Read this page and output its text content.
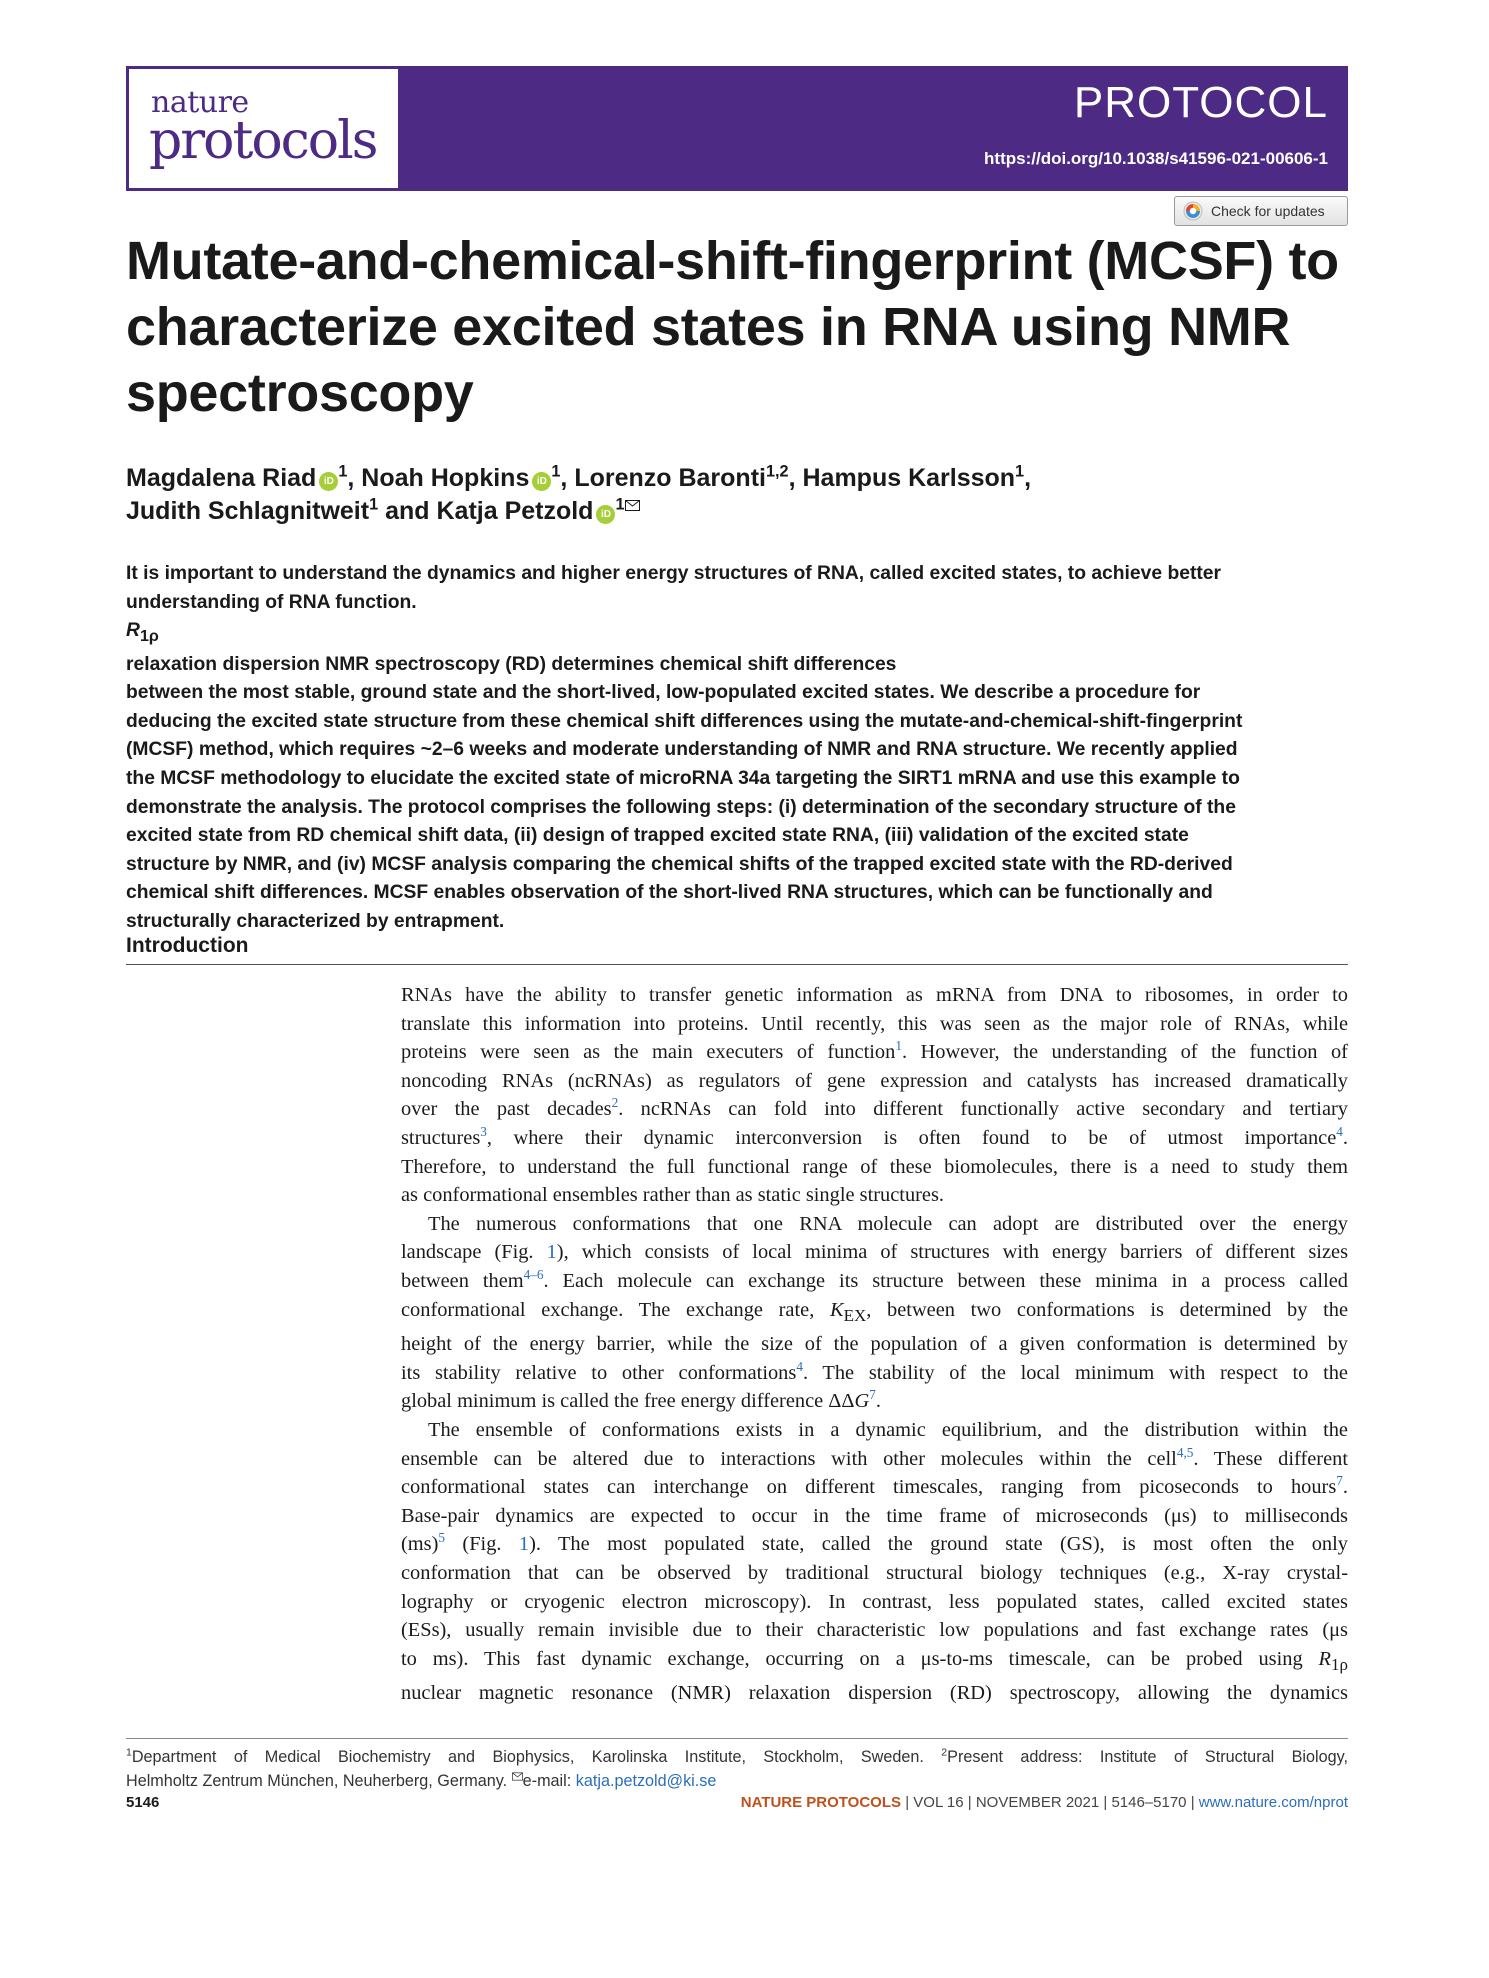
nature
protocols
PROTOCOL
https://doi.org/10.1038/s41596-021-00606-1
Check for updates
Mutate-and-chemical-shift-fingerprint (MCSF) to characterize excited states in RNA using NMR spectroscopy
Magdalena Riad $iD^1$, Noah Hopkins $iD^1$, Lorenzo Baronti$^{1,2}$, Hampus Karlsson$^1$,
Judith Schlagnitweit$^1$ and Katja Petzold $iD^1$
It is important to understand the dynamics and higher energy structures of RNA, called excited states, to achieve better
understanding of RNA function.
$R_{1\rho}$
relaxation dispersion NMR spectroscopy (RD) determines chemical shift differences
between the most stable, ground state and the short-lived, low-populated excited states. We describe a procedure for
deducing the excited state structure from these chemical shift differences using the mutate-and-chemical-shift-fingerprint
(MCSF) method, which requires ~2–6 weeks and moderate understanding of NMR and RNA structure. We recently applied
the MCSF methodology to elucidate the excited state of microRNA 34a targeting the SIRT1 mRNA and use this example to
demonstrate the analysis. The protocol comprises the following steps: (i) determination of the secondary structure of the
excited state from RD chemical shift data, (ii) design of trapped excited state RNA, (iii) validation of the excited state
structure by NMR, and (iv) MCSF analysis comparing the chemical shifts of the trapped excited state with the RD-derived
chemical shift differences. MCSF enables observation of the short-lived RNA structures, which can be functionally and
structurally characterized by entrapment.
Introduction
RNAs have the ability to transfer genetic information as mRNA from DNA to ribosomes, in order to
translate this information into proteins. Until recently, this was seen as the major role of RNAs, while
proteins were seen as the main executers of function$^1$. However, the understanding of the function of
noncoding RNAs (ncRNAs) as regulators of gene expression and catalysts has increased dramatically
over the past decades$^2$. ncRNAs can fold into different functionally active secondary and tertiary
structures$^3$, where their dynamic interconversion is often found to be of utmost importance$^4$.
Therefore, to understand the full functional range of these biomolecules, there is a need to study them
as conformational ensembles rather than as static single structures.
The numerous conformations that one RNA molecule can adopt are distributed over the energy
landscape (Fig. 1), which consists of local minima of structures with energy barriers of different sizes
between them$^{4-6}$. Each molecule can exchange its structure between these minima in a process called
conformational exchange. The exchange rate, $K_{EX}$, between two conformations is determined by the
height of the energy barrier, while the size of the population of a given conformation is determined by
its stability relative to other conformations$^4$. The stability of the local minimum with respect to the
global minimum is called the free energy difference ΔΔG$^7$.
The ensemble of conformations exists in a dynamic equilibrium, and the distribution within the
ensemble can be altered due to interactions with other molecules within the cell$^{4,5}$. These different
conformational states can interchange on different timescales, ranging from picoseconds to hours$^7$.
Base-pair dynamics are expected to occur in the time frame of microseconds (μs) to milliseconds
(ms)$^5$ (Fig. 1). The most populated state, called the ground state (GS), is most often the only
conformation that can be observed by traditional structural biology techniques (e.g., X-ray crystal-
lography or cryogenic electron microscopy). In contrast, less populated states, called excited states
(ESs), usually remain invisible due to their characteristic low populations and fast exchange rates (μs
to ms). This fast dynamic exchange, occurring on a μs-to-ms timescale, can be probed using $R_{1\rho}$
nuclear magnetic resonance (NMR) relaxation dispersion (RD) spectroscopy, allowing the dynamics
$^1$Department of Medical Biochemistry and Biophysics, Karolinska Institute, Stockholm, Sweden. $^2$Present address: Institute of Structural Biology,
Helmholtz Zentrum München, Neuherberg, Germany. e-mail: katja.petzold@ki.se
5146	NATURE PROTOCOLS | VOL 16 | NOVEMBER 2021 | 5146–5170 | www.nature.com/nprot
